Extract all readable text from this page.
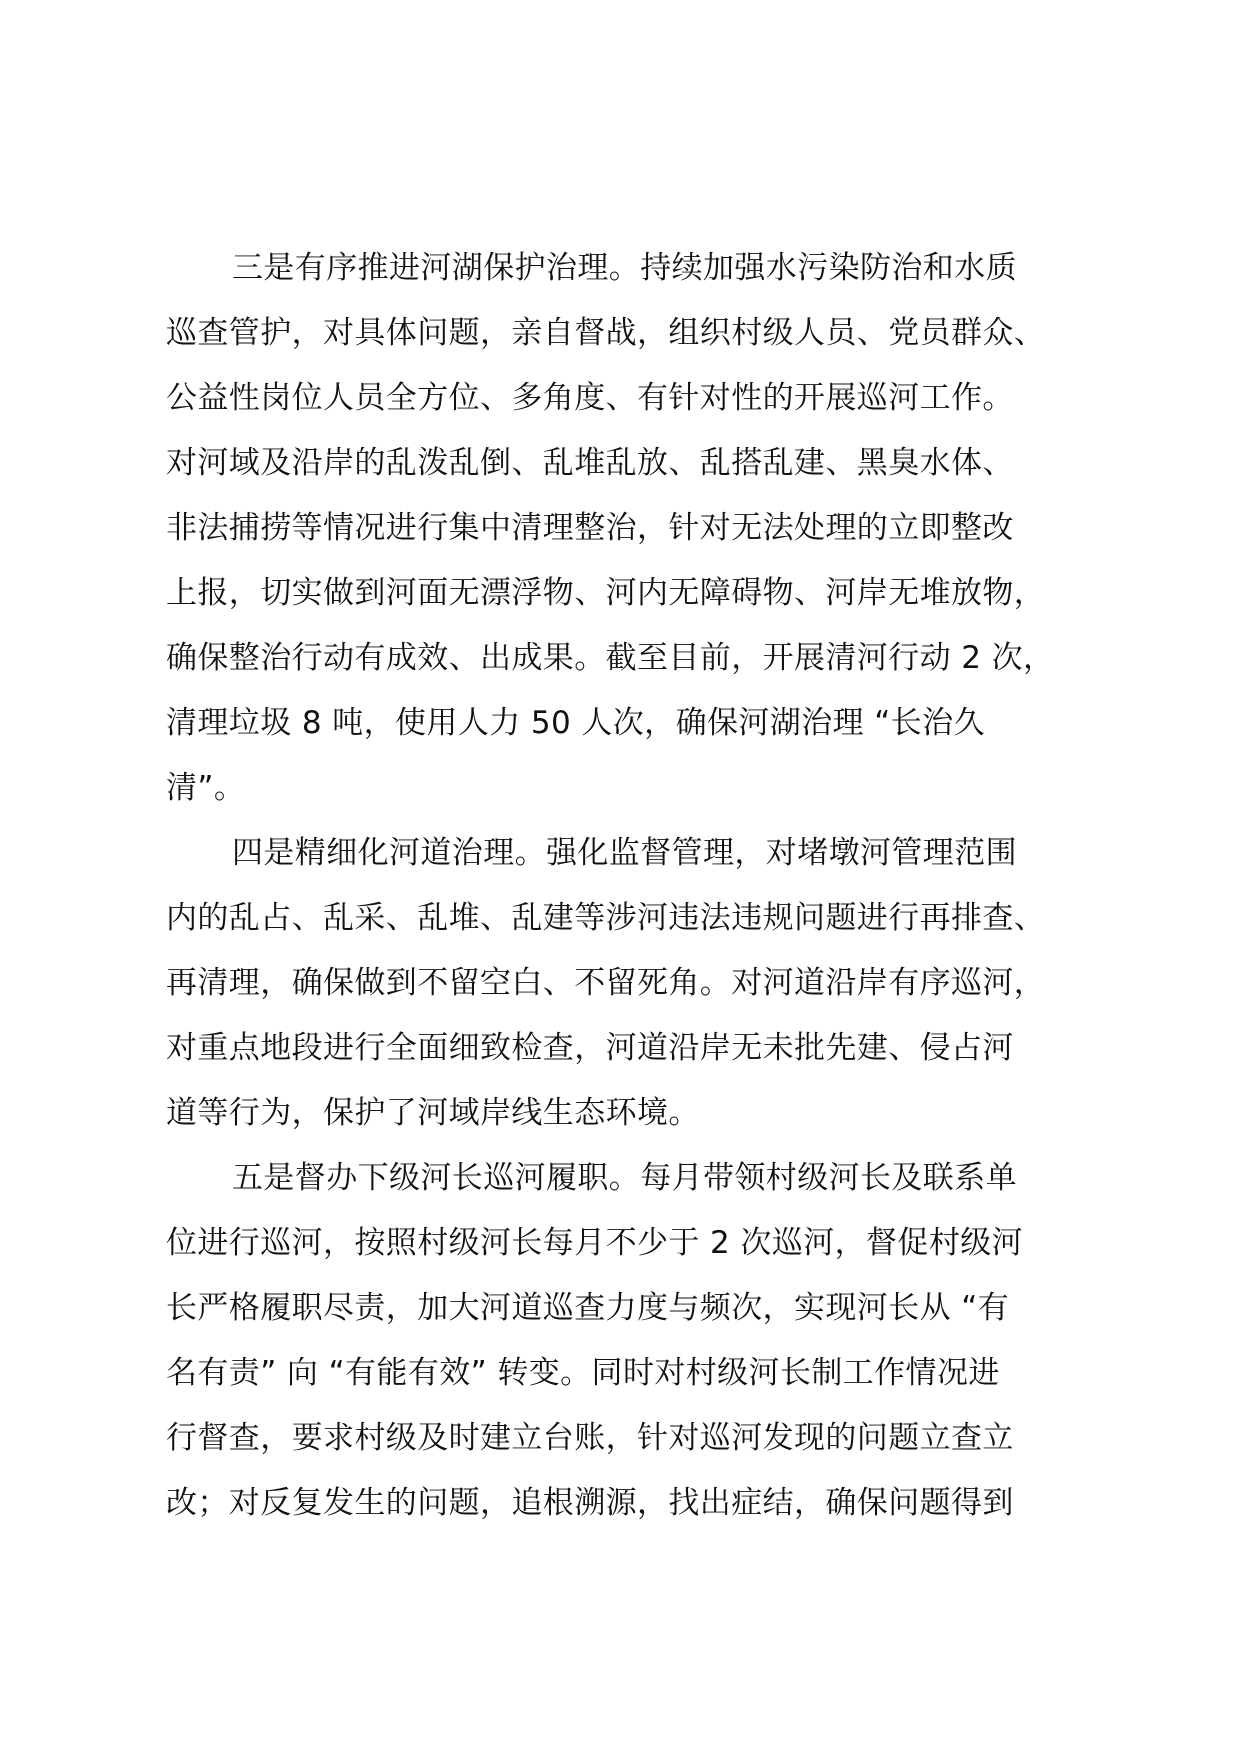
三是有序推进河湖保护治理。持续加强水污染防治和水质
巡查管护，对具体问题，亲自督战，组织村级人员、党员群众、
公益性岗位人员全方位、多角度、有针对性的开展巡河工作。
对河域及沿岸的乱泼乱倒、乱堆乱放、乱搭乱建、黑臭水体、
非法捕捞等情况进行集中清理整治，针对无法处理的立即整改
上报，切实做到河面无漂浮物、河内无障碍物、河岸无堆放物，
确保整治行动有成效、出成果。截至目前，开展清河行动 2 次，
清理垃圾 8 吨，使用人力 50 人次，确保河湖治理 “长治久
清”。
四是精细化河道治理。强化监督管理，对堵墩河管理范围
内的乱占、乱采、乱堆、乱建等涉河违法违规问题进行再排查、
再清理，确保做到不留空白、不留死角。对河道沿岸有序巡河，
对重点地段进行全面细致检查，河道沿岸无未批先建、侵占河
道等行为，保护了河域岸线生态环境。
五是督办下级河长巡河履职。每月带领村级河长及联系单
位进行巡河，按照村级河长每月不少于 2 次巡河，督促村级河
长严格履职尽责，加大河道巡查力度与频次，实现河长从 “有
名有责” 向 “有能有效” 转变。同时对村级河长制工作情况进
行督查，要求村级及时建立台账，针对巡河发现的问题立查立
改；对反复发生的问题，追根溯源，找出症结，确保问题得到
